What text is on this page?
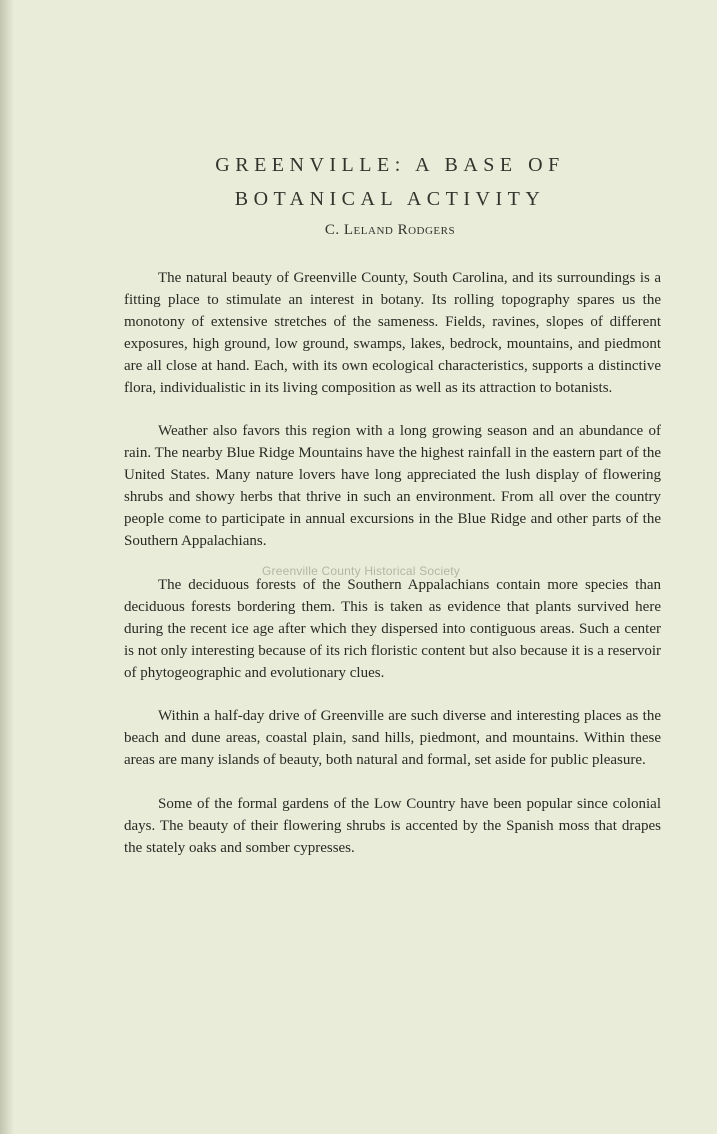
GREENVILLE: A BASE OF
BOTANICAL ACTIVITY
C. Leland Rodgers

The natural beauty of Greenville County, South Carolina, and its surroundings is a fitting place to stimulate an interest in botany. Its rolling topography spares us the monotony of extensive stretches of the sameness. Fields, ravines, slopes of different exposures, high ground, low ground, swamps, lakes, bedrock, mountains, and piedmont are all close at hand. Each, with its own ecological characteristics, supports a distinctive flora, individualistic in its living composition as well as its attraction to botanists.

Weather also favors this region with a long growing season and an abundance of rain. The nearby Blue Ridge Mountains have the highest rainfall in the eastern part of the United States. Many nature lovers have long appreciated the lush display of flowering shrubs and showy herbs that thrive in such an environment. From all over the country people come to participate in annual excursions in the Blue Ridge and other parts of the Southern Appalachians.

The deciduous forests of the Southern Appalachians contain more species than deciduous forests bordering them. This is taken as evidence that plants survived here during the recent ice age after which they dispersed into contiguous areas. Such a center is not only interesting because of its rich floristic content but also because it is a reservoir of phytogeographic and evolutionary clues.

Within a half-day drive of Greenville are such diverse and interesting places as the beach and dune areas, coastal plain, sand hills, piedmont, and mountains. Within these areas are many islands of beauty, both natural and formal, set aside for public pleasure.

Some of the formal gardens of the Low Country have been popular since colonial days. The beauty of their flowering shrubs is accented by the Spanish moss that drapes the stately oaks and somber cypresses.

Greenville County Historical Society
